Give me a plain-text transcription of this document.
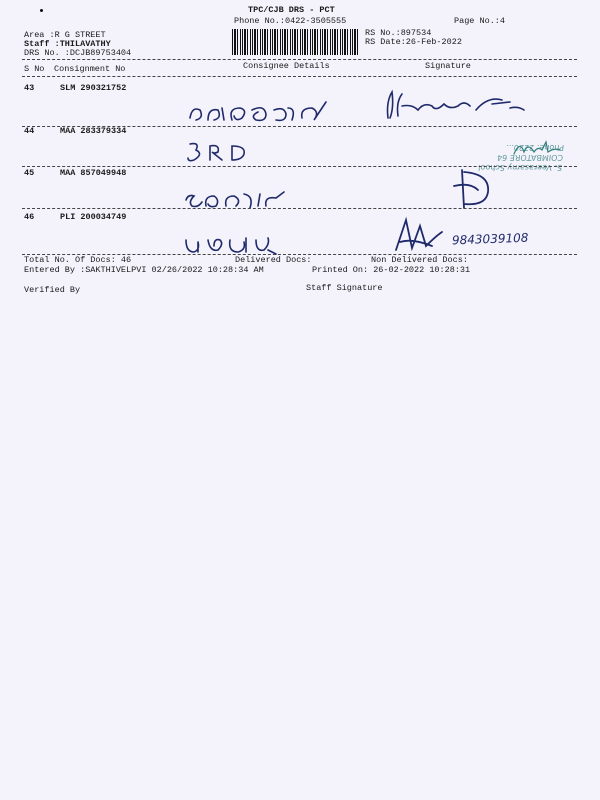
TPC/CJB DRS - PCT
Phone No.:0422-3505555	Page No.:4
Area :R G STREET
Staff :THILAVATHY
DRS No. :DCJB89753404
RS No.:897534
RS Date:26-Feb-2022
S No Consignment No	Consignee Details	Signature
43	SLM 290321752
44	MAA 283379334
S. Veerasamy School
COIMBATORE 64
Phone: 2220...
45	MAA 857049948
46	PLI 200034749
9843039108
Total No. Of Docs: 46	Delivered Docs:	Non Delivered Docs:
Entered By :SAKTHIVELPVI 02/26/2022 10:28:34 AM	Printed On: 26-02-2022 10:28:31
Verified By	Staff Signature
